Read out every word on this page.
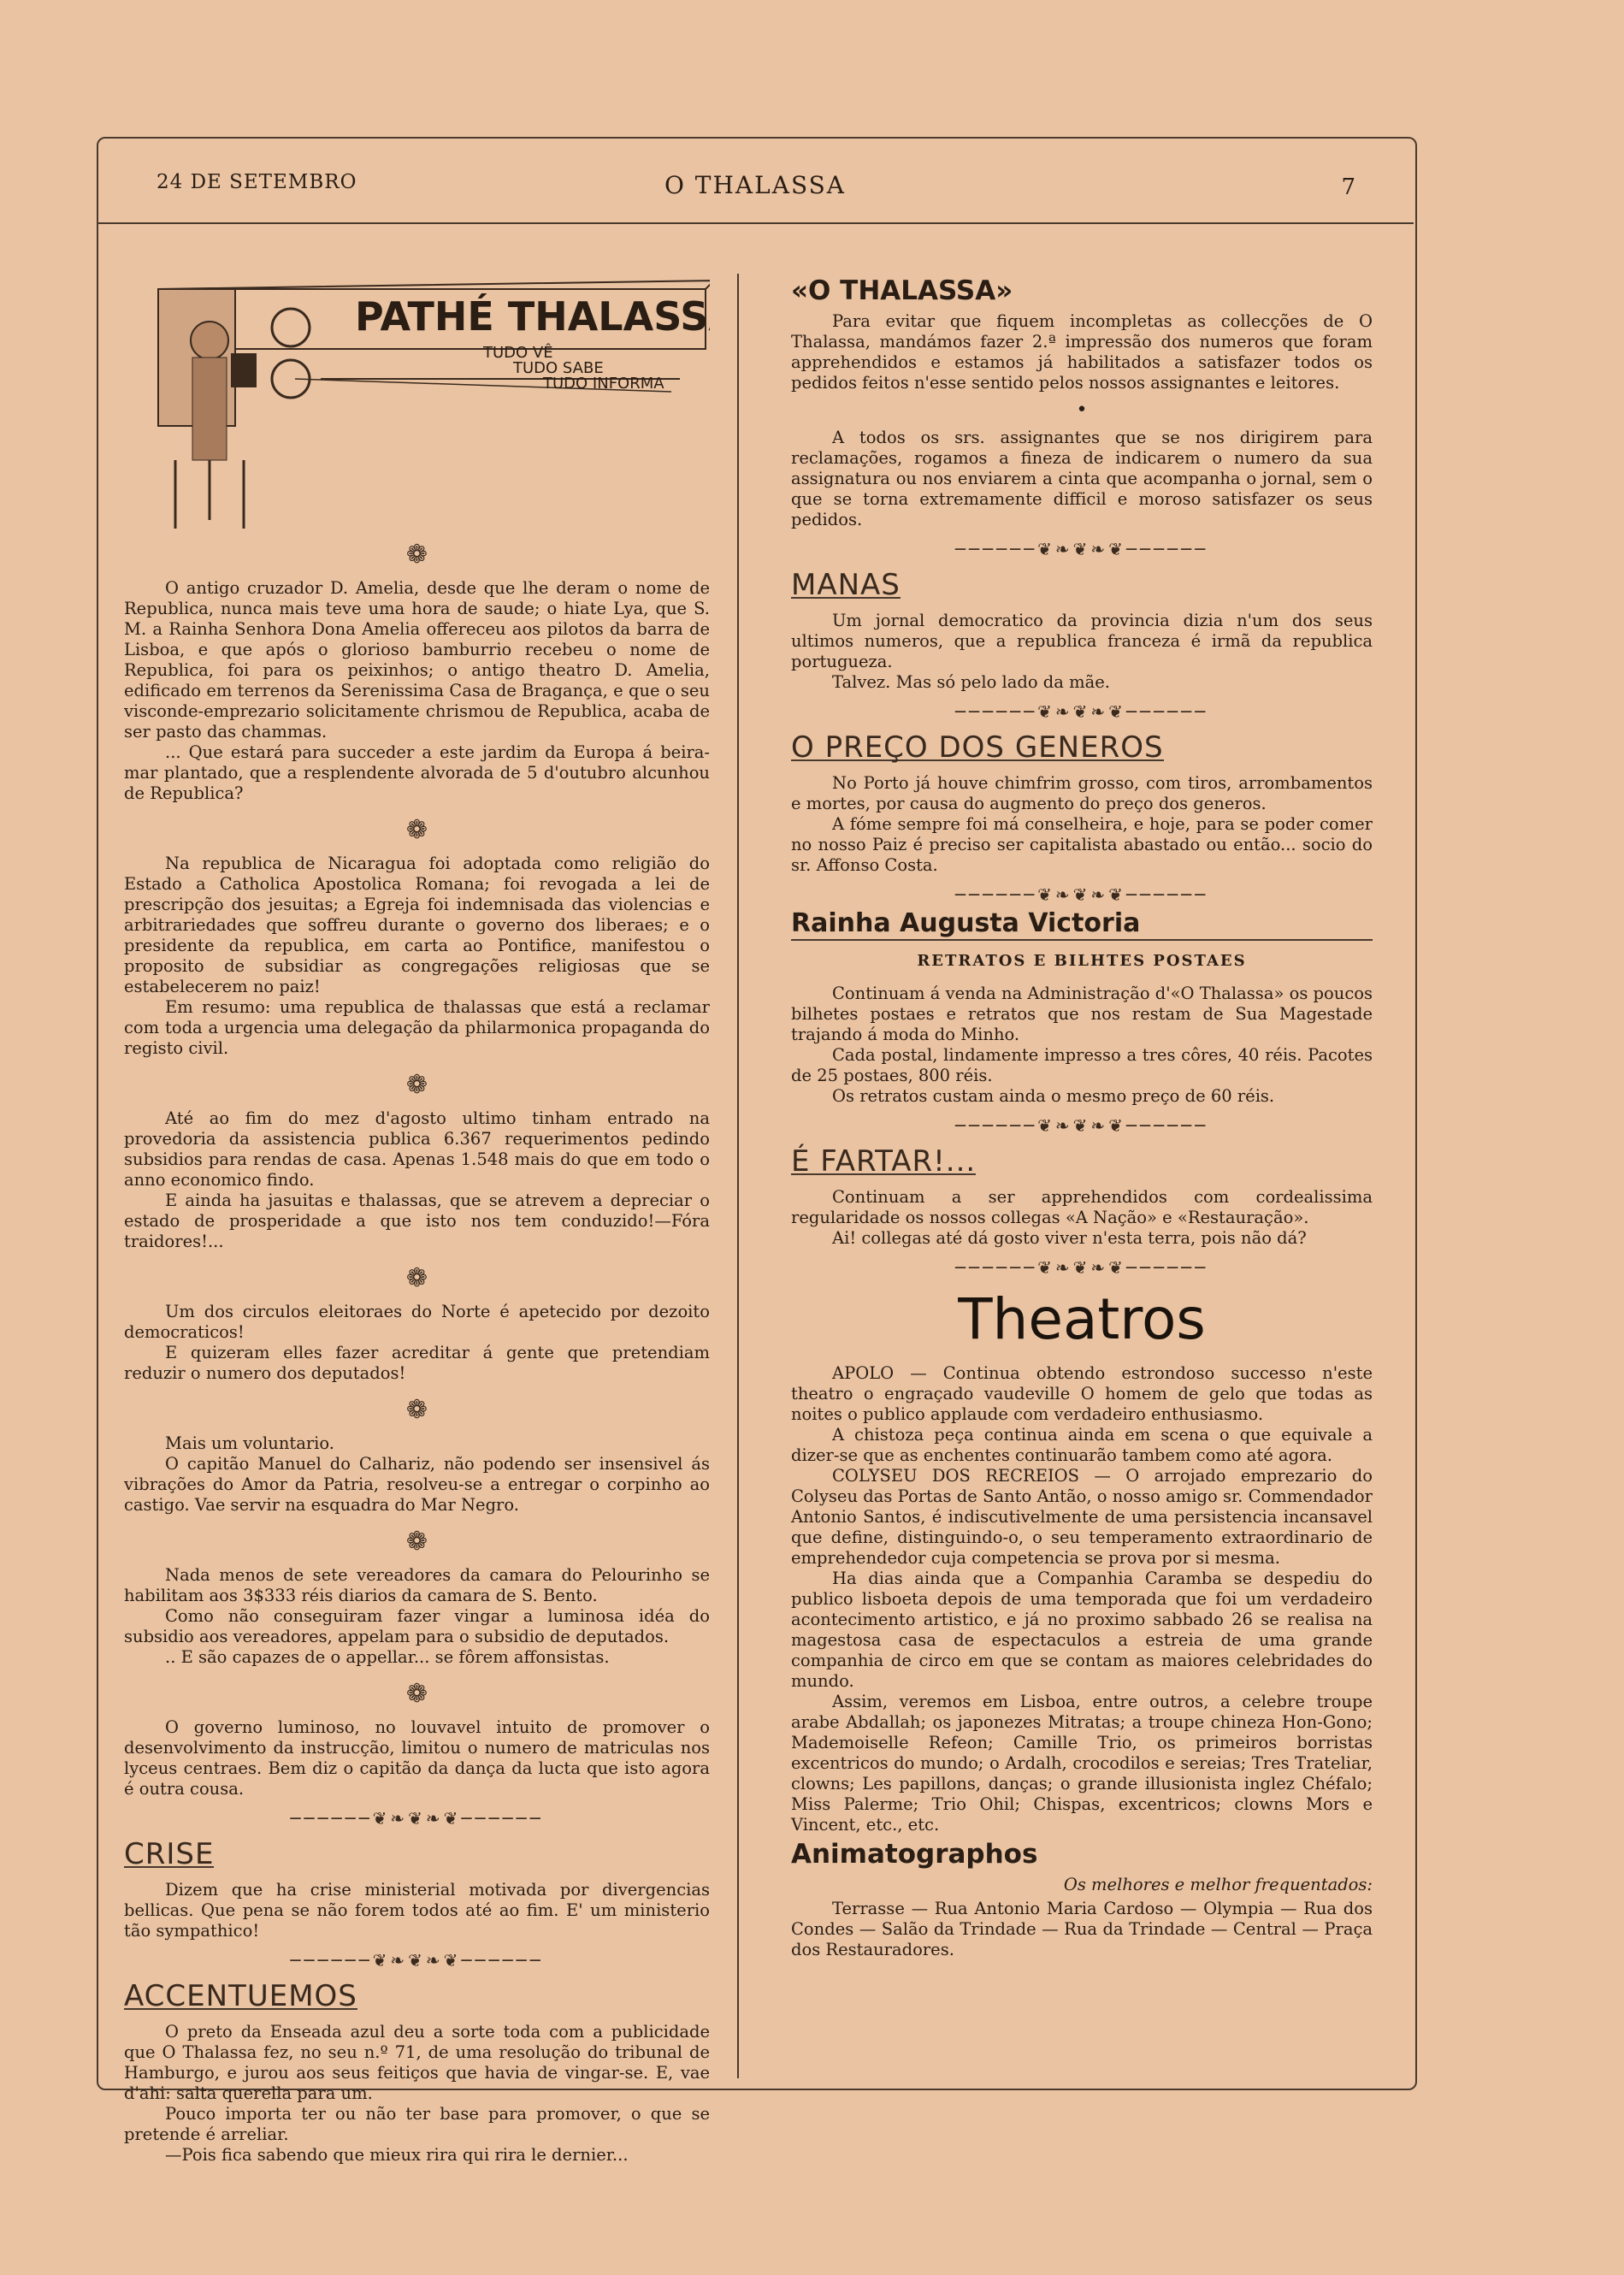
24 DE SETEMBRO	O THALASSA	7
PATHÉ THALASSA
TUDO VÊ
TUDO SABE
TUDO INFORMA
❁

O antigo cruzador D. Amelia, desde que lhe deram o nome de Republica, nunca mais teve uma hora de saude; o hiate Lya, que S. M. a Rainha Senhora Dona Amelia offereceu aos pilotos da barra de Lisboa, e que após o glorioso bamburrio recebeu o nome de Republica, foi para os peixinhos; o antigo theatro D. Amelia, edificado em terrenos da Serenissima Casa de Bragança, e que o seu visconde-emprezario solicitamente chrismou de Republica, acaba de ser pasto das chammas.

... Que estará para succeder a este jardim da Europa á beira-mar plantado, que a resplendente alvorada de 5 d'outubro alcunhou de Republica?

❁

Na republica de Nicaragua foi adoptada como religião do Estado a Catholica Apostolica Romana; foi revogada a lei de prescripção dos jesuitas; a Egreja foi indemnisada das violencias e arbitrariedades que soffreu durante o governo dos liberaes; e o presidente da republica, em carta ao Pontifice, manifestou o proposito de subsidiar as congregações religiosas que se estabelecerem no paiz!

Em resumo: uma republica de thalassas que está a reclamar com toda a urgencia uma delegação da philarmonica propaganda do registo civil.

❁

Até ao fim do mez d'agosto ultimo tinham entrado na provedoria da assistencia publica 6.367 requerimentos pedindo subsidios para rendas de casa. Apenas 1.548 mais do que em todo o anno economico findo.

E ainda ha jasuitas e thalassas, que se atrevem a depreciar o estado de prosperidade a que isto nos tem conduzido!—Fóra traidores!...

❁

Um dos circulos eleitoraes do Norte é apetecido por dezoito democraticos!

E quizeram elles fazer acreditar á gente que pretendiam reduzir o numero dos deputados!

❁

Mais um voluntario.

O capitão Manuel do Calhariz, não podendo ser insensivel ás vibrações do Amor da Patria, resolveu-se a entregar o corpinho ao castigo. Vae servir na esquadra do Mar Negro.

❁

Nada menos de sete vereadores da camara do Pelourinho se habilitam aos 3$333 réis diarios da camara de S. Bento.

Como não conseguiram fazer vingar a luminosa idéa do subsidio aos vereadores, appelam para o subsidio de deputados.

.. E são capazes de o appellar... se fôrem affonsistas.

❁

O governo luminoso, no louvavel intuito de promover o desenvolvimento da instrucção, limitou o numero de matriculas nos lyceus centraes. Bem diz o capitão da dança da lucta que isto agora é outra cousa.

──────❦❧❦❧❦──────
CRISE

Dizem que ha crise ministerial motivada por divergencias bellicas. Que pena se não forem todos até ao fim. E' um ministerio tão sympathico!

──────❦❧❦❧❦──────
ACCENTUEMOS

O preto da Enseada azul deu a sorte toda com a publicidade que O Thalassa fez, no seu n.º 71, de uma resolução do tribunal de Hamburgo, e jurou aos seus feitiços que havia de vingar-se. E, vae d'ahi: salta querella para um.

Pouco importa ter ou não ter base para promover, o que se pretende é arreliar.

—Pois fica sabendo que mieux rira qui rira le dernier...

«O THALASSA»

Para evitar que fiquem incompletas as collecções de O Thalassa, mandámos fazer 2.ª impressão dos numeros que foram apprehendidos e estamos já habilitados a satisfazer todos os pedidos feitos n'esse sentido pelos nossos assignantes e leitores.

•

A todos os srs. assignantes que se nos dirigirem para reclamações, rogamos a fineza de indicarem o numero da sua assignatura ou nos enviarem a cinta que acompanha o jornal, sem o que se torna extremamente difficil e moroso satisfazer os seus pedidos.

──────❦❧❦❧❦──────
MANAS

Um jornal democratico da provincia dizia n'um dos seus ultimos numeros, que a republica franceza é irmã da republica portugueza.

Talvez. Mas só pelo lado da mãe.

──────❦❧❦❧❦──────
O PREÇO DOS GENEROS

No Porto já houve chimfrim grosso, com tiros, arrombamentos e mortes, por causa do augmento do preço dos generos.

A fóme sempre foi má conselheira, e hoje, para se poder comer no nosso Paiz é preciso ser capitalista abastado ou então... socio do sr. Affonso Costa.

──────❦❧❦❧❦──────
Rainha Augusta Victoria
RETRATOS E BILHTES POSTAES

Continuam á venda na Administração d'«O Thalassa» os poucos bilhetes postaes e retratos que nos restam de Sua Magestade trajando á moda do Minho.

Cada postal, lindamente impresso a tres côres, 40 réis. Pacotes de 25 postaes, 800 réis.

Os retratos custam ainda o mesmo preço de 60 réis.

──────❦❧❦❧❦──────
É FARTAR!...

Continuam a ser apprehendidos com cordealissima regularidade os nossos collegas «A Nação» e «Restauração».

Ai! collegas até dá gosto viver n'esta terra, pois não dá?

──────❦❧❦❧❦──────
Theatros

APOLO — Continua obtendo estrondoso successo n'este theatro o engraçado vaudeville O homem de gelo que todas as noites o publico applaude com verdadeiro enthusiasmo.

A chistoza peça continua ainda em scena o que equivale a dizer-se que as enchentes continuarão tambem como até agora.

COLYSEU DOS RECREIOS — O arrojado emprezario do Colyseu das Portas de Santo Antão, o nosso amigo sr. Commendador Antonio Santos, é indiscutivelmente de uma persistencia incansavel que define, distinguindo-o, o seu temperamento extraordinario de emprehendedor cuja competencia se prova por si mesma.

Ha dias ainda que a Companhia Caramba se despediu do publico lisboeta depois de uma temporada que foi um verdadeiro acontecimento artistico, e já no proximo sabbado 26 se realisa na magestosa casa de espectaculos a estreia de uma grande companhia de circo em que se contam as maiores celebridades do mundo.

Assim, veremos em Lisboa, entre outros, a celebre troupe arabe Abdallah; os japonezes Mitratas; a troupe chineza Hon-Gono; Mademoiselle Refeon; Camille Trio, os primeiros borristas excentricos do mundo; o Ardalh, crocodilos e sereias; Tres Trateliar, clowns; Les papillons, danças; o grande illusionista inglez Chéfalo; Miss Palerme; Trio Ohil; Chispas, excentricos; clowns Mors e Vincent, etc., etc.

Animatographos
Os melhores e melhor frequentados:

Terrasse — Rua Antonio Maria Cardoso — Olympia — Rua dos Condes — Salão da Trindade — Rua da Trindade — Central — Praça dos Restauradores.
